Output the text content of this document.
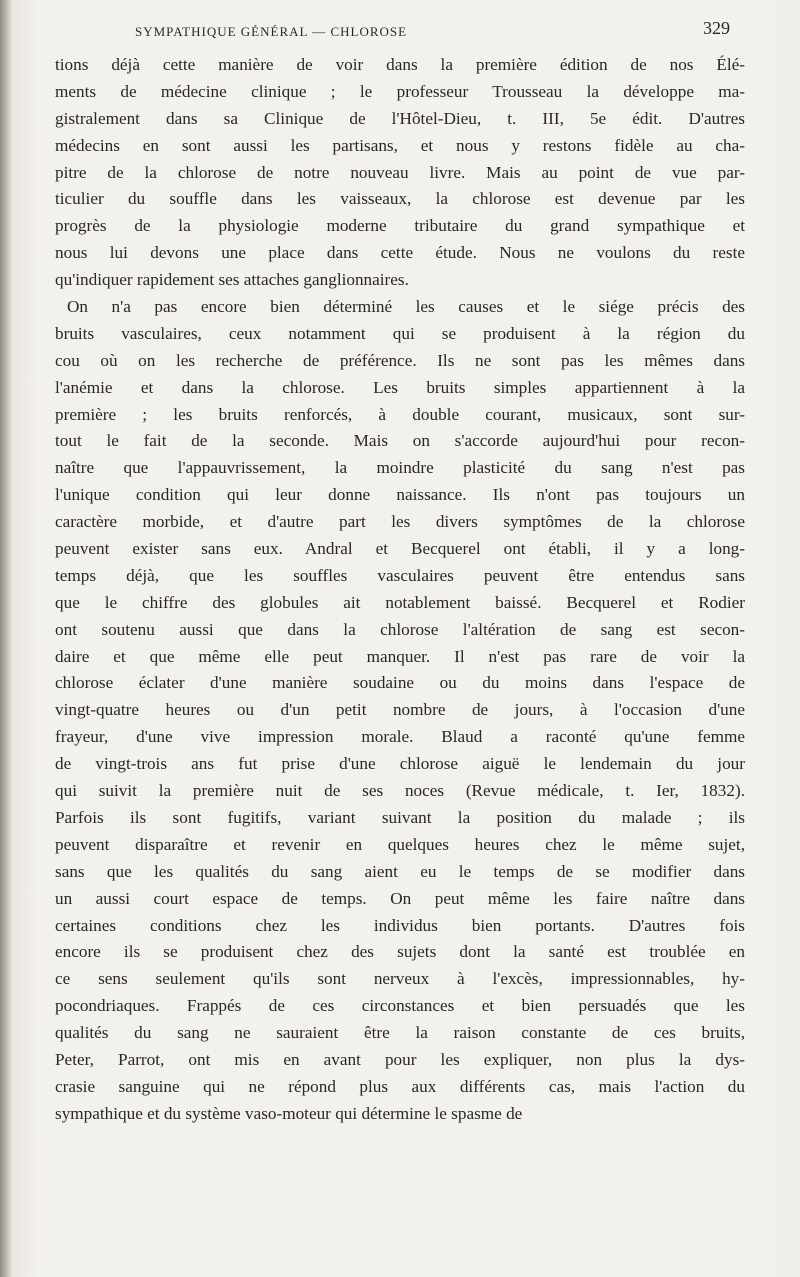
SYMPATHIQUE GÉNÉRAL — CHLOROSE	329
tions déjà cette manière de voir dans la première édition de nos Élé-
ments de médecine clinique ; le professeur Trousseau la développe ma-
gistralement dans sa Clinique de l'Hôtel-Dieu, t. III, 5e édit. D'autres
médecins en sont aussi les partisans, et nous y restons fidèle au cha-
pitre de la chlorose de notre nouveau livre. Mais au point de vue par-
ticulier du souffle dans les vaisseaux, la chlorose est devenue par les
progrès de la physiologie moderne tributaire du grand sympathique et
nous lui devons une place dans cette étude. Nous ne voulons du reste
qu'indiquer rapidement ses attaches ganglionnaires.
On n'a pas encore bien déterminé les causes et le siége précis des
bruits vasculaires, ceux notamment qui se produisent à la région du
cou où on les recherche de préférence. Ils ne sont pas les mêmes dans
l'anémie et dans la chlorose. Les bruits simples appartiennent à la
première ; les bruits renforcés, à double courant, musicaux, sont sur-
tout le fait de la seconde. Mais on s'accorde aujourd'hui pour recon-
naître que l'appauvrissement, la moindre plasticité du sang n'est pas
l'unique condition qui leur donne naissance. Ils n'ont pas toujours un
caractère morbide, et d'autre part les divers symptômes de la chlorose
peuvent exister sans eux. Andral et Becquerel ont établi, il y a long-
temps déjà, que les souffles vasculaires peuvent être entendus sans
que le chiffre des globules ait notablement baissé. Becquerel et Rodier
ont soutenu aussi que dans la chlorose l'altération de sang est secon-
daire et que même elle peut manquer. Il n'est pas rare de voir la
chlorose éclater d'une manière soudaine ou du moins dans l'espace de
vingt-quatre heures ou d'un petit nombre de jours, à l'occasion d'une
frayeur, d'une vive impression morale. Blaud a raconté qu'une femme
de vingt-trois ans fut prise d'une chlorose aiguë le lendemain du jour
qui suivit la première nuit de ses noces (Revue médicale, t. Ier, 1832).
Parfois ils sont fugitifs, variant suivant la position du malade ; ils
peuvent disparaître et revenir en quelques heures chez le même sujet,
sans que les qualités du sang aient eu le temps de se modifier dans
un aussi court espace de temps. On peut même les faire naître dans
certaines conditions chez les individus bien portants. D'autres fois
encore ils se produisent chez des sujets dont la santé est troublée en
ce sens seulement qu'ils sont nerveux à l'excès, impressionnables, hy-
pocondriaques. Frappés de ces circonstances et bien persuadés que les
qualités du sang ne sauraient être la raison constante de ces bruits,
Peter, Parrot, ont mis en avant pour les expliquer, non plus la dys-
crasie sanguine qui ne répond plus aux différents cas, mais l'action du
sympathique et du système vaso-moteur qui détermine le spasme de
